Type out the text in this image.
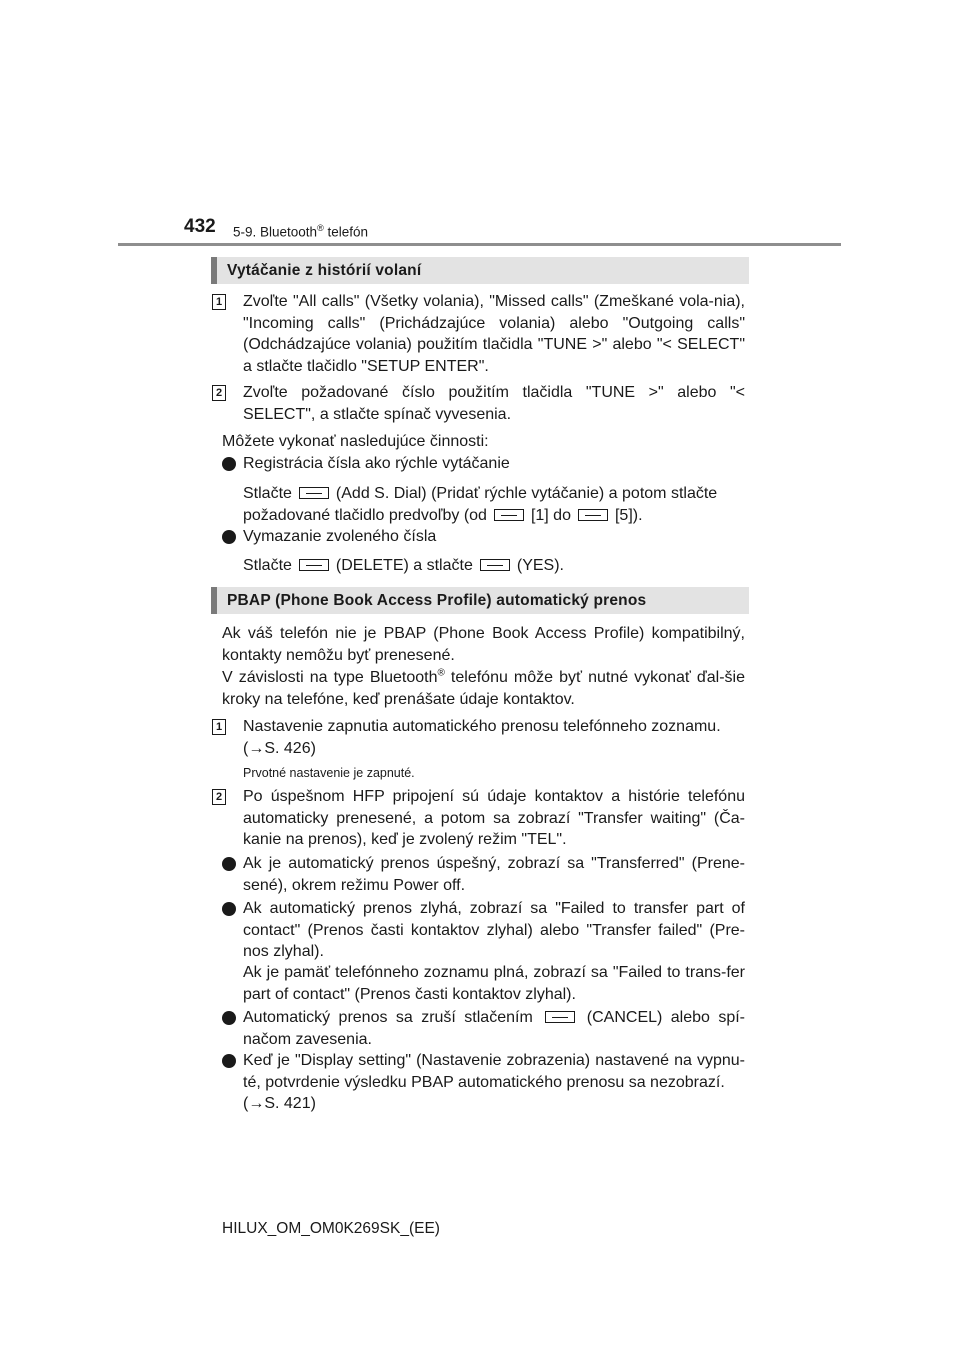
432 5-9. Bluetooth® telefón
Vytáčanie z histórií volaní
1 Zvoľte "All calls" (Všetky volania), "Missed calls" (Zmeškané vola-nia), "Incoming calls" (Prichádzajúce volania) alebo "Outgoing calls" (Odchádzajúce volania) použitím tlačidla "TUNE >" alebo "< SELECT" a stlačte tlačidlo "SETUP ENTER".
2 Zvoľte požadované číslo použitím tlačidla "TUNE >" alebo "< SELECT", a stlačte spínač vyvesenia.
Môžete vykonať nasledujúce činnosti:
Registrácia čísla ako rýchle vytáčanie
Stlačte	(Add S. Dial) (Pridať rýchle vytáčanie) a potom stlačte
požadované tlačidlo predvoľby (od	[1] do	[5]).
Vymazanie zvoleného čísla
Stlačte	(DELETE) a stlačte	(YES).
PBAP (Phone Book Access Profile) automatický prenos
Ak váš telefón nie je PBAP (Phone Book Access Profile) kompatibilný, kontakty nemôžu byť prenesené.
V závislosti na type Bluetooth® telefónu môže byť nutné vykonať ďal-šie kroky na telefóne, keď prenášate údaje kontaktov.
1 Nastavenie zapnutia automatického prenosu telefónneho zoznamu.
(→S. 426)
Prvotné nastavenie je zapnuté.
2 Po úspešnom HFP pripojení sú údaje kontaktov a histórie telefónu automaticky prenesené, a potom sa zobrazí "Transfer waiting" (Ča-kanie na prenos), keď je zvolený režim "TEL".
Ak je automatický prenos úspešný, zobrazí sa "Transferred" (Prene-sené), okrem režimu Power off.
Ak automatický prenos zlyhá, zobrazí sa "Failed to transfer part of contact" (Prenos časti kontaktov zlyhal) alebo "Transfer failed" (Pre-nos zlyhal).
Ak je pamäť telefónneho zoznamu plná, zobrazí sa "Failed to trans-fer part of contact" (Prenos časti kontaktov zlyhal).
Automatický prenos sa zruší stlačením	(CANCEL) alebo spí-načom zavesenia.
Keď je "Display setting" (Nastavenie zobrazenia) nastavené na vypnu-té, potvrdenie výsledku PBAP automatického prenosu sa nezobrazí.
(→S. 421)
HILUX_OM_OM0K269SK_(EE)
